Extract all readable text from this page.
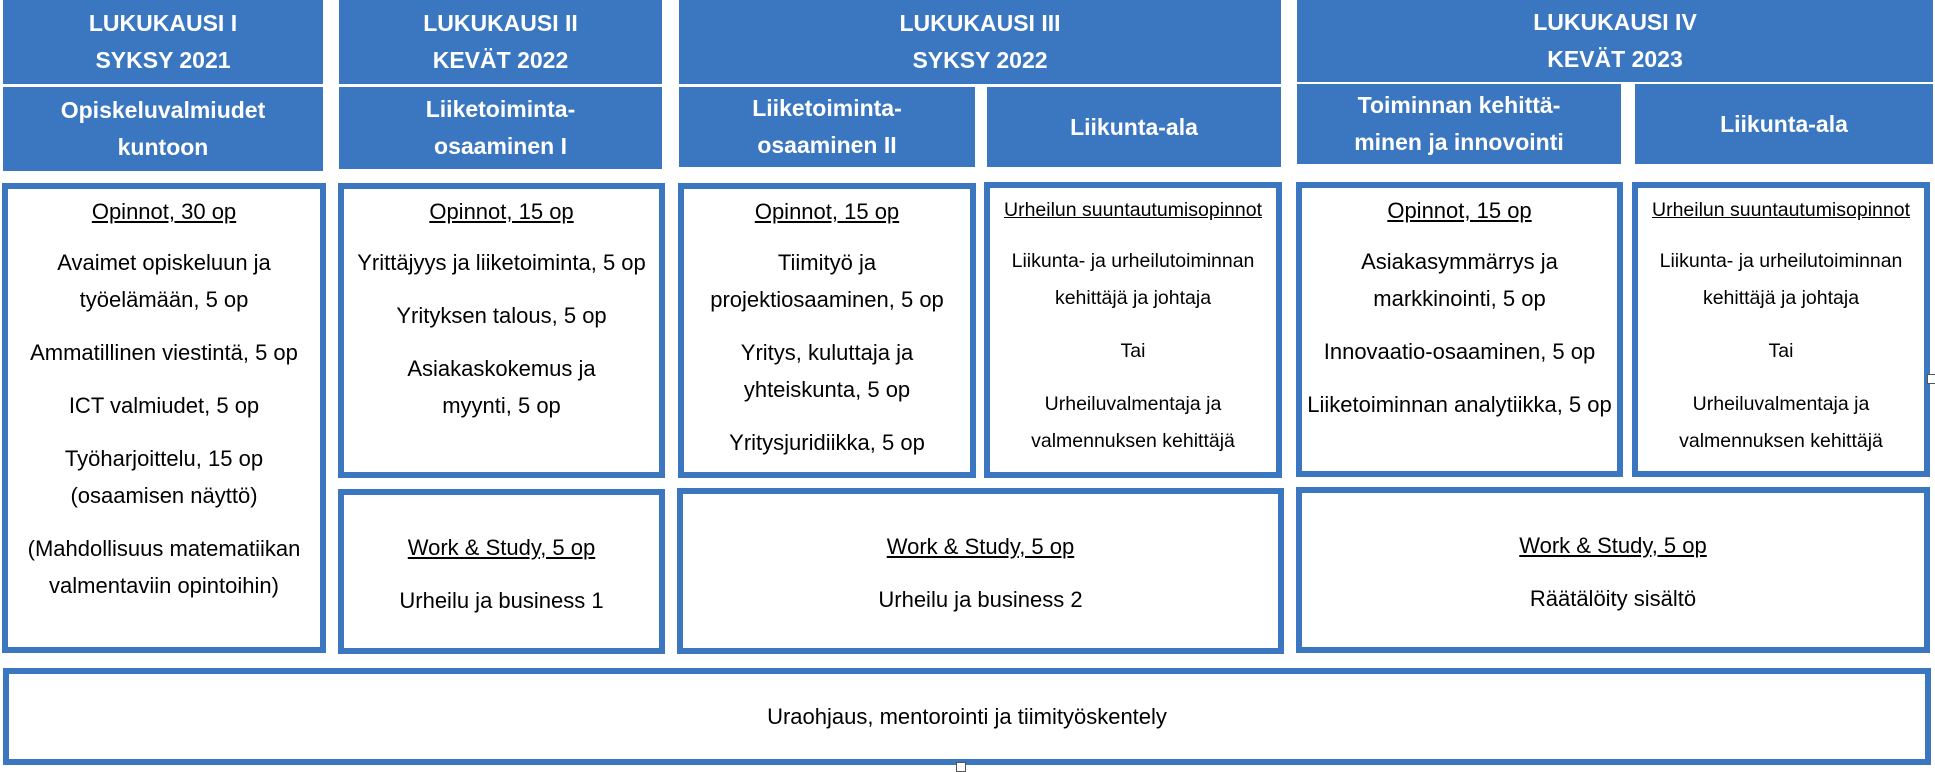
LUKUKAUSI I
SYKSY 2021
LUKUKAUSI II
KEVÄT 2022
LUKUKAUSI III
SYKSY 2022
LUKUKAUSI IV
KEVÄT 2023
Opiskeluvalmiudet
kuntoon
Liiketoiminta-
osaaminen I
Liiketoiminta-
osaaminen II
Liikunta-ala
Toiminnan kehittä-
minen ja innovointi
Liikunta-ala
Opinnot, 30 op
Avaimet opiskeluun ja
työelämään, 5 op
Ammatillinen viestintä, 5 op
ICT valmiudet, 5 op
Työharjoittelu, 15 op
(osaamisen näyttö)
(Mahdollisuus matematiikan
valmentaviin opintoihin)
Opinnot, 15 op
Yrittäjyys ja liiketoiminta, 5 op
Yrityksen talous, 5 op
Asiakaskokemus ja
myynti, 5 op
Opinnot, 15 op
Tiimityö ja
projektiosaaminen, 5 op
Yritys, kuluttaja ja
yhteiskunta, 5 op
Yritysjuridiikka, 5 op
Urheilun suuntautumisopinnot
Liikunta- ja urheilutoiminnan
kehittäjä ja johtaja
Tai
Urheiluvalmentaja ja
valmennuksen kehittäjä
Opinnot, 15 op
Asiakasymmärrys ja
markkinointi, 5 op
Innovaatio-osaaminen, 5 op
Liiketoiminnan analytiikka, 5 op
Urheilun suuntautumisopinnot
Liikunta- ja urheilutoiminnan
kehittäjä ja johtaja
Tai
Urheiluvalmentaja ja
valmennuksen kehittäjä
Work & Study, 5 op
Urheilu ja business 1
Work & Study, 5 op
Urheilu ja business 2
Work & Study, 5 op
Räätälöity sisältö
Uraohjaus, mentorointi ja tiimityöskentely
